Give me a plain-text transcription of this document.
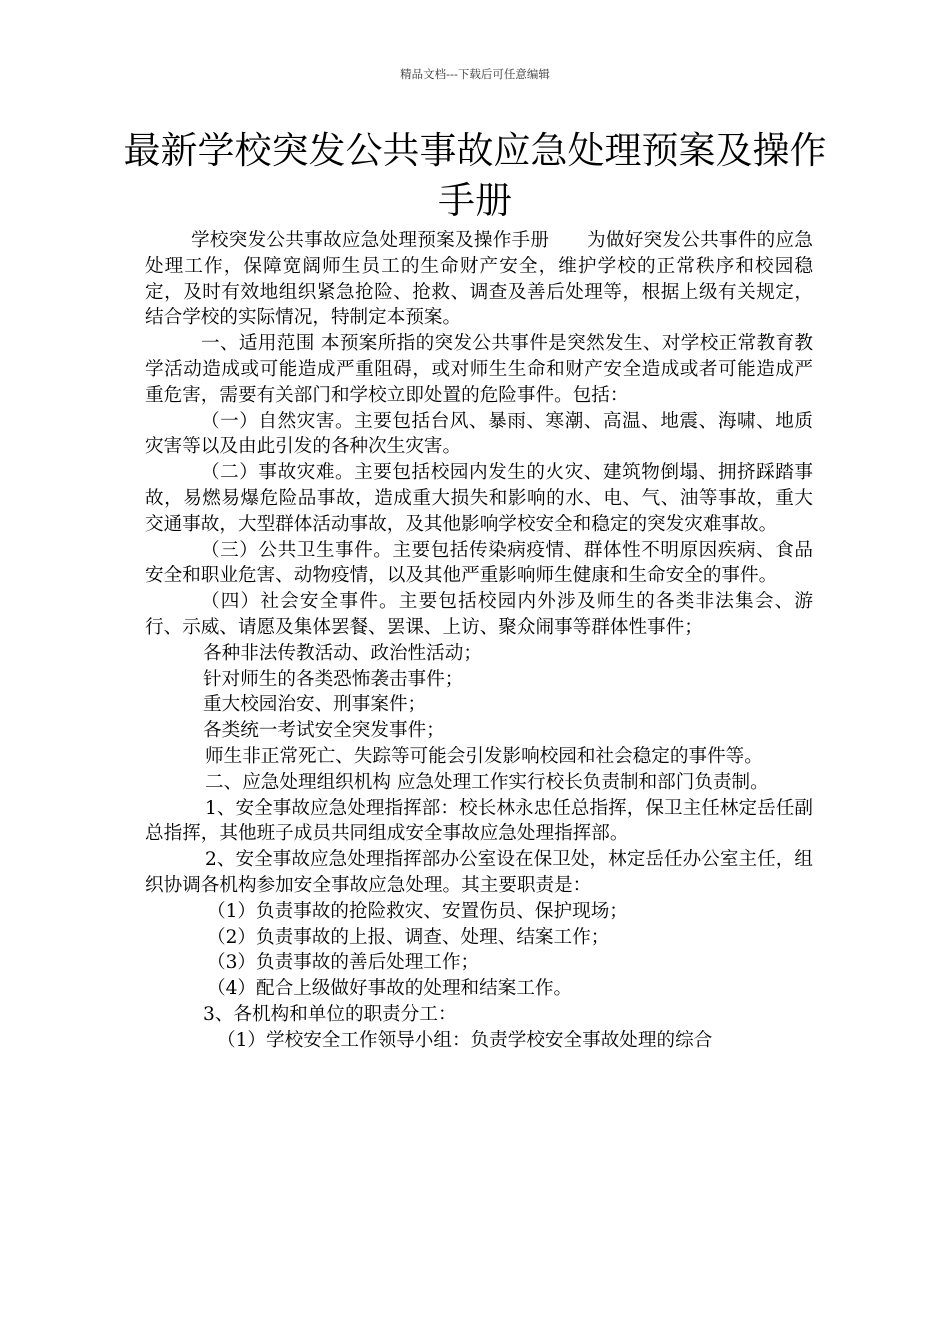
精品文档---下载后可任意编辑
最新学校突发公共事故应急处理预案及操作手册

学校突发公共事故应急处理预案及操作手册　　为做好突发公共事件的应急处理工作，保障宽阔师生员工的生命财产安全，维护学校的正常秩序和校园稳定，及时有效地组织紧急抢险、抢救、调查及善后处理等，根据上级有关规定，结合学校的实际情况，特制定本预案。

一、适用范围 本预案所指的突发公共事件是突然发生、对学校正常教育教学活动造成或可能造成严重阻碍，或对师生生命和财产安全造成或者可能造成严重危害，需要有关部门和学校立即处置的危险事件。包括：

（一）自然灾害。主要包括台风、暴雨、寒潮、高温、地震、海啸、地质灾害等以及由此引发的各种次生灾害。

（二）事故灾难。主要包括校园内发生的火灾、建筑物倒塌、拥挤踩踏事故，易燃易爆危险品事故，造成重大损失和影响的水、电、气、油等事故，重大交通事故，大型群体活动事故，及其他影响学校安全和稳定的突发灾难事故。

（三）公共卫生事件。主要包括传染病疫情、群体性不明原因疾病、食品安全和职业危害、动物疫情，以及其他严重影响师生健康和生命安全的事件。

（四）社会安全事件。主要包括校园内外涉及师生的各类非法集会、游行、示威、请愿及集体罢餐、罢课、上访、聚众闹事等群体性事件；

各种非法传教活动、政治性活动；

针对师生的各类恐怖袭击事件；

重大校园治安、刑事案件；

各类统一考试安全突发事件；

师生非正常死亡、失踪等可能会引发影响校园和社会稳定的事件等。

二、应急处理组织机构 应急处理工作实行校长负责制和部门负责制。

1、安全事故应急处理指挥部：校长林永忠任总指挥，保卫主任林定岳任副总指挥，其他班子成员共同组成安全事故应急处理指挥部。

2、安全事故应急处理指挥部办公室设在保卫处，林定岳任办公室主任，组织协调各机构参加安全事故应急处理。其主要职责是：

（1）负责事故的抢险救灾、安置伤员、保护现场；

（2）负责事故的上报、调查、处理、结案工作；

（3）负责事故的善后处理工作；

（4）配合上级做好事故的处理和结案工作。

3、各机构和单位的职责分工：

（1）学校安全工作领导小组：负责学校安全事故处理的综合
